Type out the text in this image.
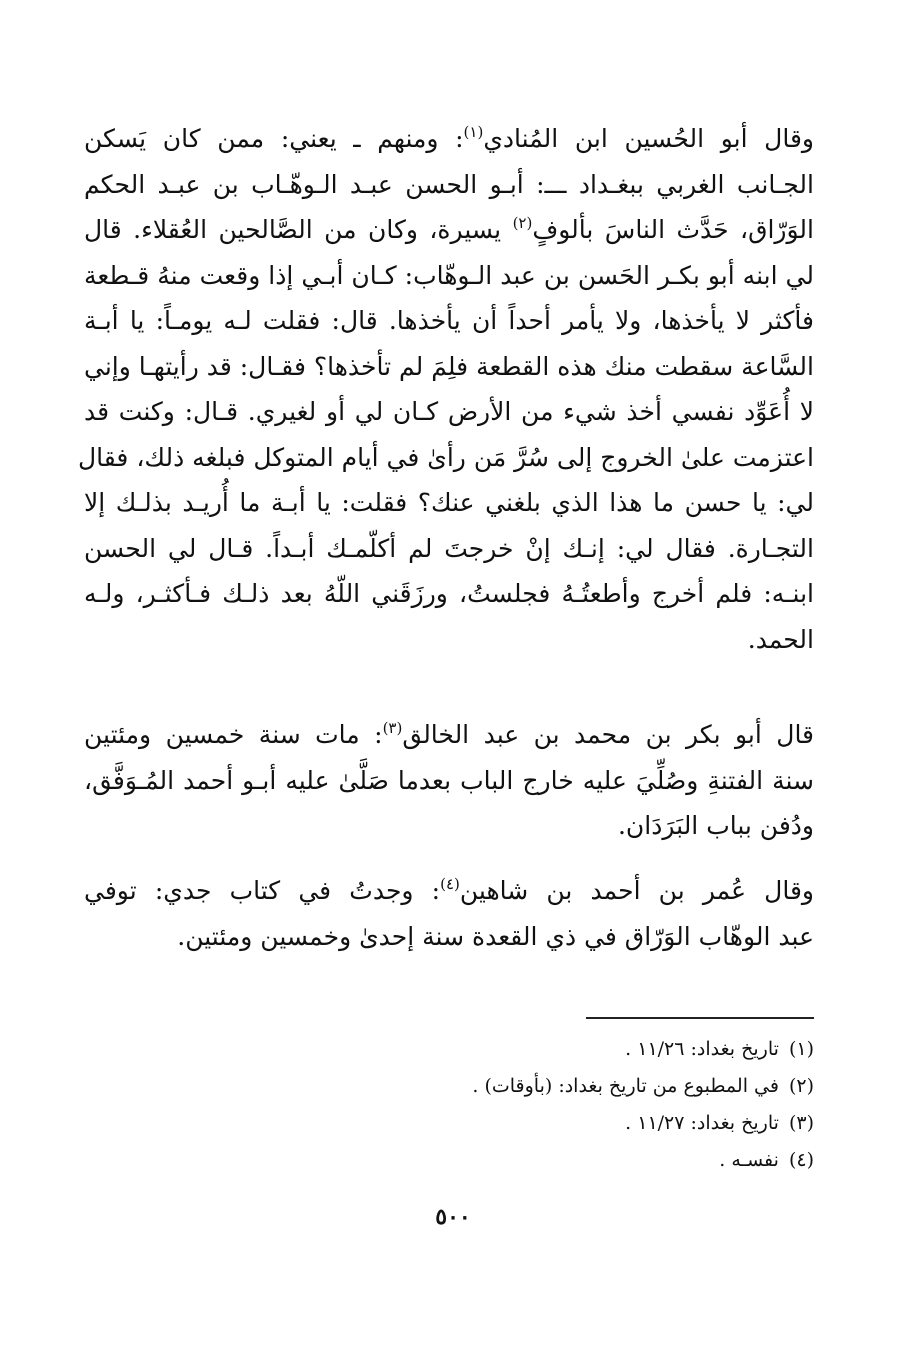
وقال أبو الحُسين ابن المُنادي$^{(١)}$: ومنهم ـ يعني: ممن كان يَسكن
الجـانب الغربي ببغـداد ـــ: أبـو الحسن عبـد الـوهّـاب بن عبـد الحكم
الوَرّاق، حَدَّث الناسَ بألوفٍ$^{(٢)}$ يسيرة، وكان من الصَّالحين العُقلاء. قال
لي ابنه أبو بكـر الحَسن بن عبد الـوهّاب: كـان أبـي إذا وقعت منهُ قـطعة
فأكثر لا يأخذها، ولا يأمر أحداً أن يأخذها. قال: فقلت لـه يومـاً: يا أبـة
السَّاعة سقطت منك هذه القطعة فلِمَ لم تأخذها؟ فقـال: قد رأيتهـا وإني
لا أُعَوِّد نفسي أخذ شيء من الأرض كـان لي أو لغيري. قـال: وكنت قد
اعتزمت علىٰ الخروج إلى سُرَّ مَن رأىٰ في أيام المتوكل فبلغه ذلك، فقال
لي: يا حسن ما هذا الذي بلغني عنك؟ فقلت: يا أبـة ما أُريـد بذلـك إلا
التجـارة. فقال لي: إنـك إنْ خرجتَ لم أكلّمـك أبـداً. قـال لي الحسن
ابنـه: فلم أخرج وأطعتُـهُ فجلستُ، ورزَقَني اللّهُ بعد ذلـك فـأكثـر، ولـه
الحمد.
قال أبو بكر بن محمد بن عبد الخالق$^{(٣)}$: مات سنة خمسين ومئتين
سنة الفتنةِ وصُلِّيَ عليه خارج الباب بعدما صَلَّىٰ عليه أبـو أحمد المُـوَفَّق،
ودُفن بباب البَرَدَان.
وقال عُمر بن أحمد بن شاهين$^{(٤)}$: وجدتُ في كتاب جدي: توفي
عبد الوهّاب الوَرّاق في ذي القعدة سنة إحدىٰ وخمسين ومئتين.
(١)تاريخ بغداد: ١١/٢٦ .
(٢)في المطبوع من تاريخ بغداد: (بأوقات) .
(٣)تاريخ بغداد: ١١/٢٧ .
(٤)نفسـه .
٥٠٠
